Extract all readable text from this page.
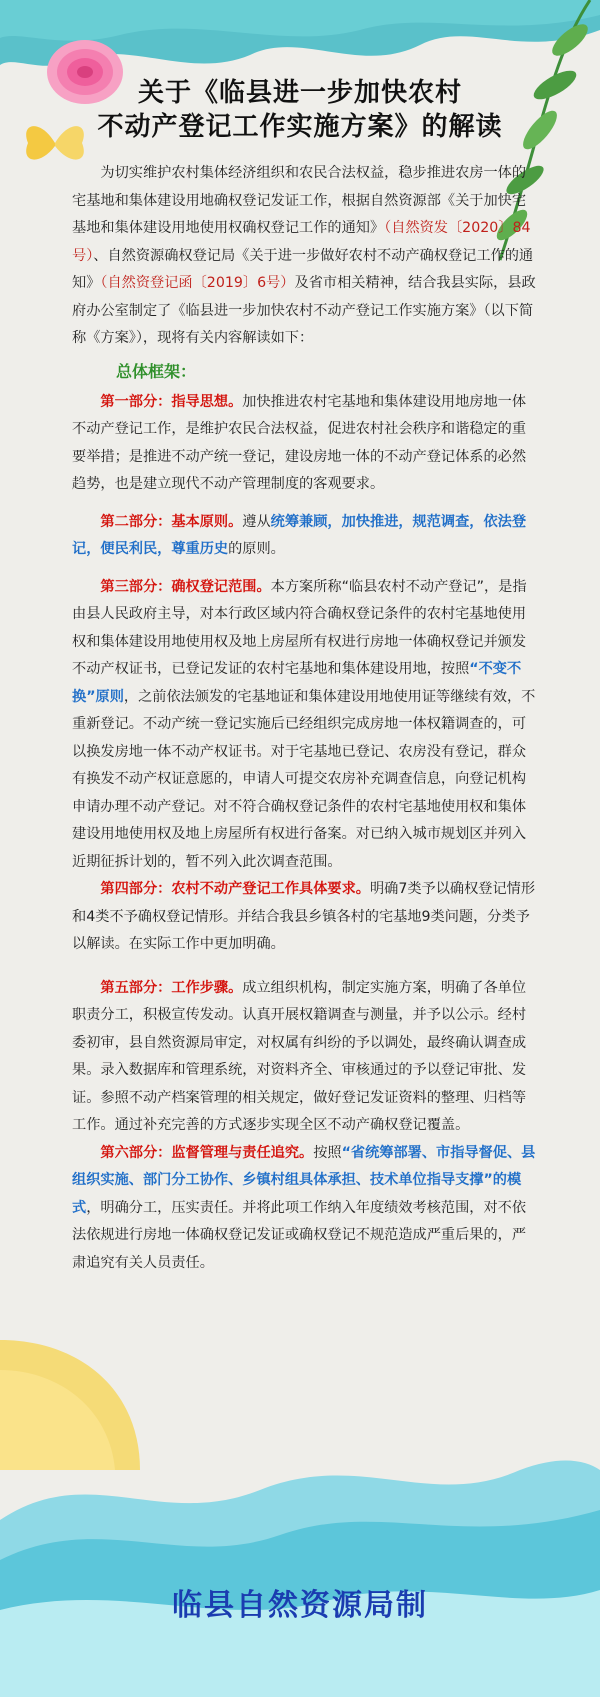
关于《临县进一步加快农村
不动产登记工作实施方案》的解读

为切实维护农村集体经济组织和农民合法权益，稳步推进农房一体的宅基地和集体建设用地确权登记发证工作，根据自然资源部《关于加快宅基地和集体建设用地使用权确权登记工作的通知》（自然资发〔2020〕84号）、自然资源确权登记局《关于进一步做好农村不动产确权登记工作的通知》（自然资登记函〔2019〕6号）及省市相关精神，结合我县实际，县政府办公室制定了《临县进一步加快农村不动产登记工作实施方案》（以下简称《方案》），现将有关内容解读如下：

总体框架：

第一部分：指导思想。加快推进农村宅基地和集体建设用地房地一体不动产登记工作，是维护农民合法权益，促进农村社会秩序和谐稳定的重要举措；是推进不动产统一登记，建设房地一体的不动产登记体系的必然趋势，也是建立现代不动产管理制度的客观要求。

第二部分：基本原则。遵从统筹兼顾，加快推进，规范调查，依法登记，便民利民，尊重历史的原则。

第三部分：确权登记范围。本方案所称“临县农村不动产登记”，是指由县人民政府主导，对本行政区域内符合确权登记条件的农村宅基地使用权和集体建设用地使用权及地上房屋所有权进行房地一体确权登记并颁发不动产权证书，已登记发证的农村宅基地和集体建设用地，按照“不变不换”原则，之前依法颁发的宅基地证和集体建设用地使用证等继续有效，不重新登记。不动产统一登记实施后已经组织完成房地一体权籍调查的，可以换发房地一体不动产权证书。对于宅基地已登记、农房没有登记，群众有换发不动产权证意愿的，申请人可提交农房补充调查信息，向登记机构申请办理不动产登记。对不符合确权登记条件的农村宅基地使用权和集体建设用地使用权及地上房屋所有权进行备案。对已纳入城市规划区并列入近期征拆计划的，暂不列入此次调查范围。

第四部分：农村不动产登记工作具体要求。明确7类予以确权登记情形和4类不予确权登记情形。并结合我县乡镇各村的宅基地9类问题，分类予以解读。在实际工作中更加明确。

第五部分：工作步骤。成立组织机构，制定实施方案，明确了各单位职责分工，积极宣传发动。认真开展权籍调查与测量，并予以公示。经村委初审，县自然资源局审定，对权属有纠纷的予以调处，最终确认调查成果。录入数据库和管理系统，对资料齐全、审核通过的予以登记审批、发证。参照不动产档案管理的相关规定，做好登记发证资料的整理、归档等工作。通过补充完善的方式逐步实现全区不动产确权登记覆盖。

第六部分：监督管理与责任追究。按照“省统筹部署、市指导督促、县组织实施、部门分工协作、乡镇村组具体承担、技术单位指导支撑”的模式，明确分工，压实责任。并将此项工作纳入年度绩效考核范围，对不依法依规进行房地一体确权登记发证或确权登记不规范造成严重后果的，严肃追究有关人员责任。

临县自然资源局制
